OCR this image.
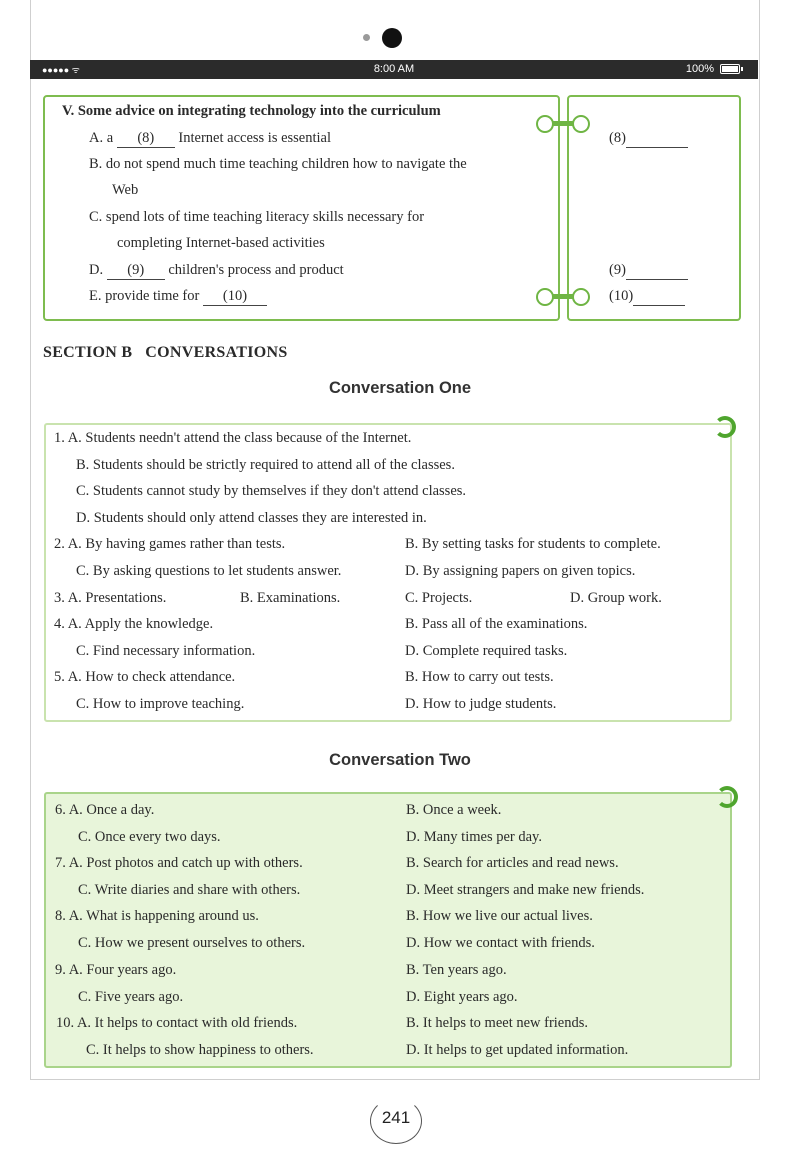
●●●●● ᯤ	8:00 AM	100%
V. Some advice on integrating technology into the curriculum
A. a (8) Internet access is essential
B. do not spend much time teaching children how to navigate the
Web
C. spend lots of time teaching literacy skills necessary for
completing Internet-based activities
D. (9) children's process and product
E. provide time for (10)
(8)
(9)
(10)
SECTION B   CONVERSATIONS
Conversation One
1. A. Students needn't attend the class because of the Internet.
B. Students should be strictly required to attend all of the classes.
C. Students cannot study by themselves if they don't attend classes.
D. Students should only attend classes they are interested in.
2. A. By having games rather than tests.	B. By setting tasks for students to complete.
C. By asking questions to let students answer.	D. By assigning papers on given topics.
3. A. Presentations.	B. Examinations.	C. Projects.	D. Group work.
4. A. Apply the knowledge.	B. Pass all of the examinations.
C. Find necessary information.	D. Complete required tasks.
5. A. How to check attendance.	B. How to carry out tests.
C. How to improve teaching.	D. How to judge students.
Conversation Two
6. A. Once a day.	B. Once a week.
C. Once every two days.	D. Many times per day.
7. A. Post photos and catch up with others.	B. Search for articles and read news.
C. Write diaries and share with others.	D. Meet strangers and make new friends.
8. A. What is happening around us.	B. How we live our actual lives.
C. How we present ourselves to others.	D. How we contact with friends.
9. A. Four years ago.	B. Ten years ago.
C. Five years ago.	D. Eight years ago.
10. A. It helps to contact with old friends.	B. It helps to meet new friends.
C. It helps to show happiness to others.	D. It helps to get updated information.
241
